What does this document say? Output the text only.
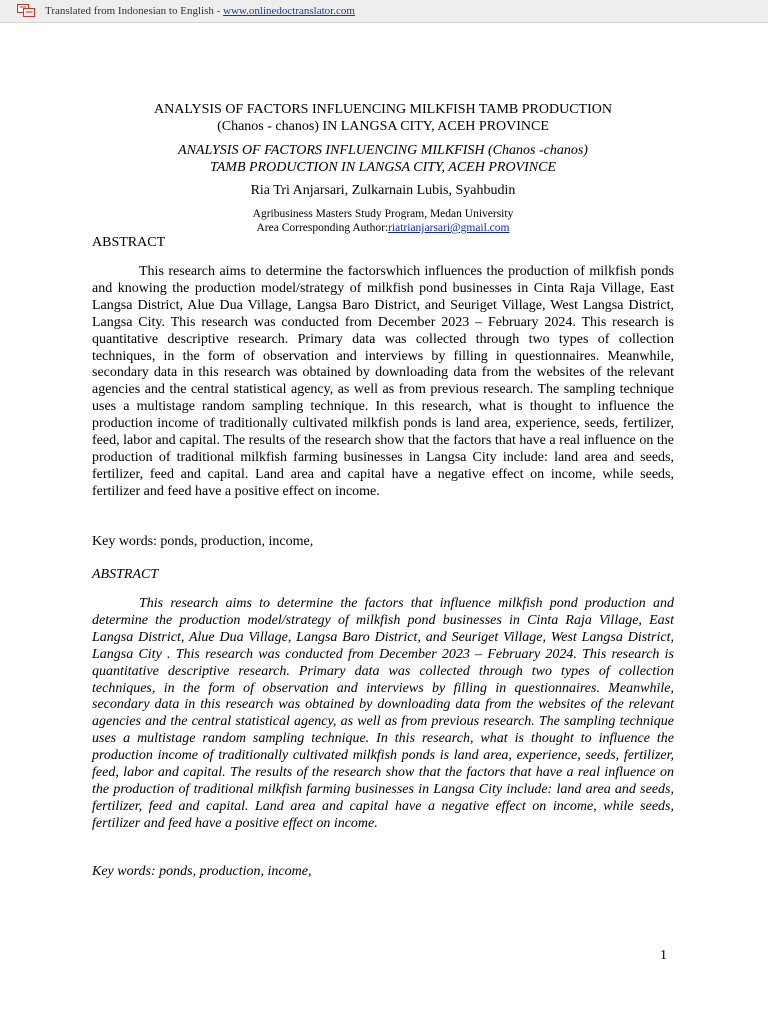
Translated from Indonesian to English - www.onlinedoctranslator.com
ANALYSIS OF FACTORS INFLUENCING MILKFISH TAMB PRODUCTION
(Chanos - chanos) IN LANGSA CITY, ACEH PROVINCE
ANALYSIS OF FACTORS INFLUENCING MILKFISH (Chanos -chanos)
TAMB PRODUCTION IN LANGSA CITY, ACEH PROVINCE
Ria Tri Anjarsari, Zulkarnain Lubis, Syahbudin
Agribusiness Masters Study Program, Medan University
Area Corresponding Author:riatrianjarsari@gmail.com
ABSTRACT

This research aims to determine the factorswhich influences the production of milkfish ponds and knowing the production model/strategy of milkfish pond businesses in Cinta Raja Village, East Langsa District, Alue Dua Village, Langsa Baro District, and Seuriget Village, West Langsa District, Langsa City. This research was conducted from December 2023 – February 2024. This research is quantitative descriptive research. Primary data was collected through two types of collection techniques, in the form of observation and interviews by filling in questionnaires. Meanwhile, secondary data in this research was obtained by downloading data from the websites of the relevant agencies and the central statistical agency, as well as from previous research. The sampling technique uses a multistage random sampling technique. In this research, what is thought to influence the production income of traditionally cultivated milkfish ponds is land area, experience, seeds, fertilizer, feed, labor and capital. The results of the research show that the factors that have a real influence on the production of traditional milkfish farming businesses in Langsa City include: land area and seeds, fertilizer, feed and capital. Land area and capital have a negative effect on income, while seeds, fertilizer and feed have a positive effect on income.

Key words: ponds, production, income,
ABSTRACT

This research aims to determine the factors that influence milkfish pond production and determine the production model/strategy of milkfish pond businesses in Cinta Raja Village, East Langsa District, Alue Dua Village, Langsa Baro District, and Seuriget Village, West Langsa District, Langsa City . This research was conducted from December 2023 – February 2024. This research is quantitative descriptive research. Primary data was collected through two types of collection techniques, in the form of observation and interviews by filling in questionnaires. Meanwhile, secondary data in this research was obtained by downloading data from the websites of the relevant agencies and the central statistical agency, as well as from previous research. The sampling technique uses a multistage random sampling technique. In this research, what is thought to influence the production income of traditionally cultivated milkfish ponds is land area, experience, seeds, fertilizer, feed, labor and capital. The results of the research show that the factors that have a real influence on the production of traditional milkfish farming businesses in Langsa City include: land area and seeds, fertilizer, feed and capital. Land area and capital have a negative effect on income, while seeds, fertilizer and feed have a positive effect on income.

Key words: ponds, production, income,
1
